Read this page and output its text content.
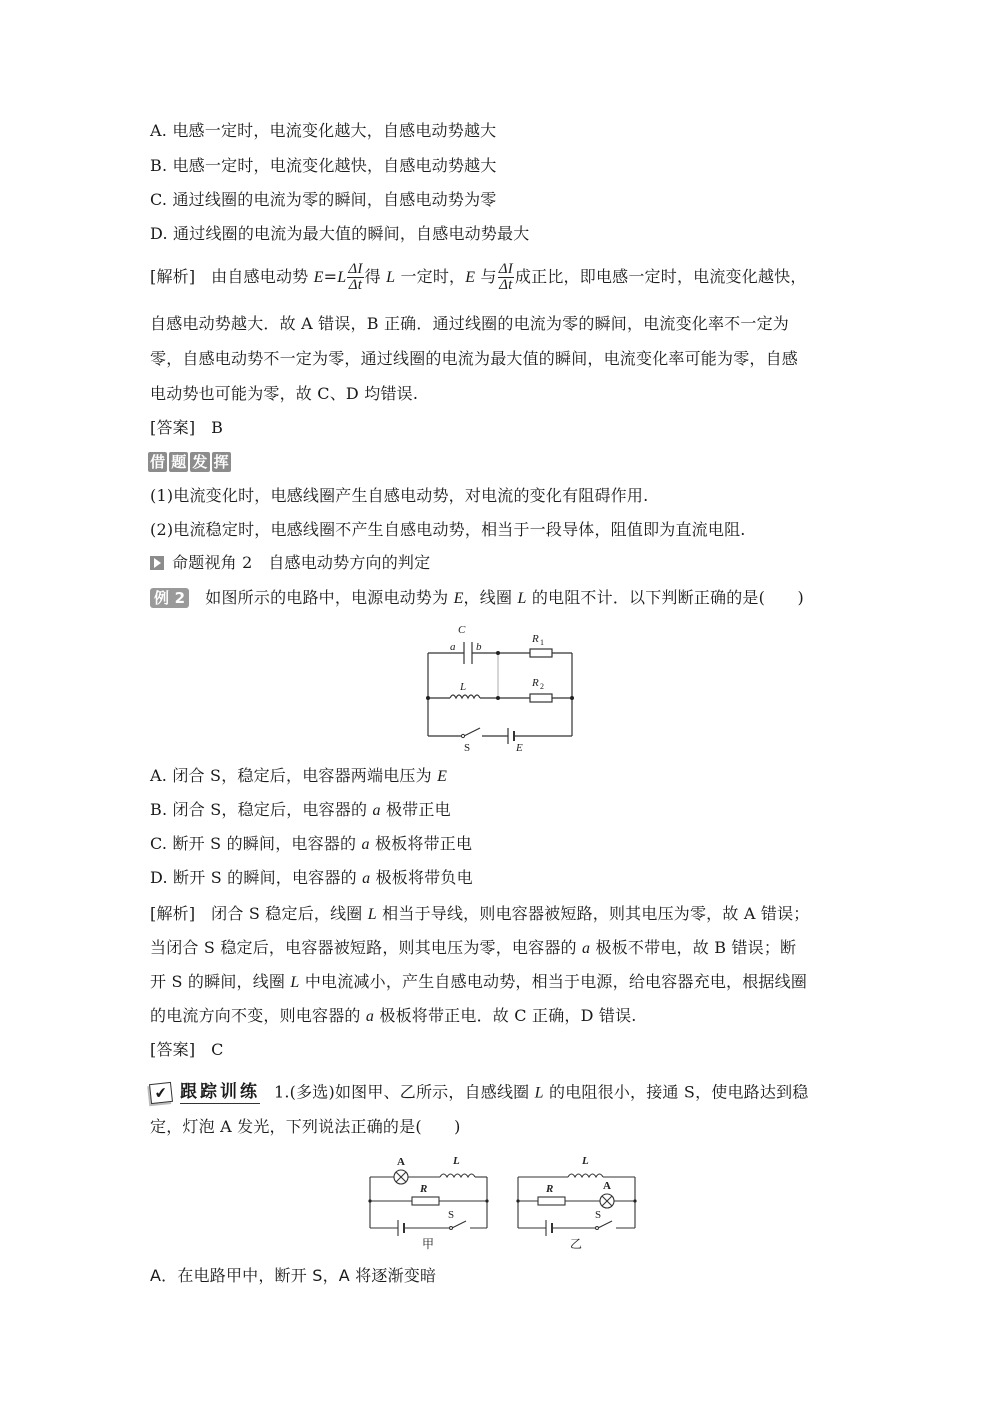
A. 电感一定时，电流变化越大，自感电动势越大
B. 电感一定时，电流变化越快，自感电动势越大
C. 通过线圈的电流为零的瞬间，自感电动势为零
D. 通过线圈的电流为最大值的瞬间，自感电动势最大
[解析] 由自感电动势 $E=L \frac{\Delta I}{\Delta t}$ 得 L 一定时，E 与 $\frac{\Delta I}{\Delta t}$ 成正比，即电感一定时，电流变化越快，
自感电动势越大．故 A 错误，B 正确．通过线圈的电流为零的瞬间，电流变化率不一定为
零，自感电动势不一定为零，通过线圈的电流为最大值的瞬间，电流变化率可能为零，自感
电动势也可能为零，故 C、D 均错误.
[答案] B
借 题 发 挥
(1)电流变化时，电感线圈产生自感电动势，对电流的变化有阻碍作用.
(2)电流稳定时，电感线圈不产生自感电动势，相当于一段导体，阻值即为直流电阻.
命题视角 2 自感电动势方向的判定
例 2 如图所示的电路中，电源电动势为 E，线圈 L 的电阻不计．以下判断正确的是(　　)
C
a b
R 1
L	R 2
S	E
A. 闭合 S，稳定后，电容器两端电压为 E
B. 闭合 S，稳定后，电容器的 a 极带正电
C. 断开 S 的瞬间，电容器的 a 极板将带正电
D. 断开 S 的瞬间，电容器的 a 极板将带负电
[解析] 闭合 S 稳定后，线圈 L 相当于导线，则电容器被短路，则其电压为零，故 A 错误；
当闭合 S 稳定后，电容器被短路，则其电压为零，电容器的 a 极板不带电，故 B 错误；断
开 S 的瞬间，线圈 L 中电流减小，产生自感电动势，相当于电源，给电容器充电，根据线圈
的电流方向不变，则电容器的 a 极板将带正电．故 C 正确，D 错误.
[答案] C
✔ 跟踪训练 1.(多选)如图甲、乙所示，自感线圈 L 的电阻很小，接通 S，使电路达到稳
定，灯泡 A 发光，下列说法正确的是(　　)
A	L
R
S
甲
L
R	A
S
乙
A．在电路甲中，断开 S，A 将逐渐变暗
